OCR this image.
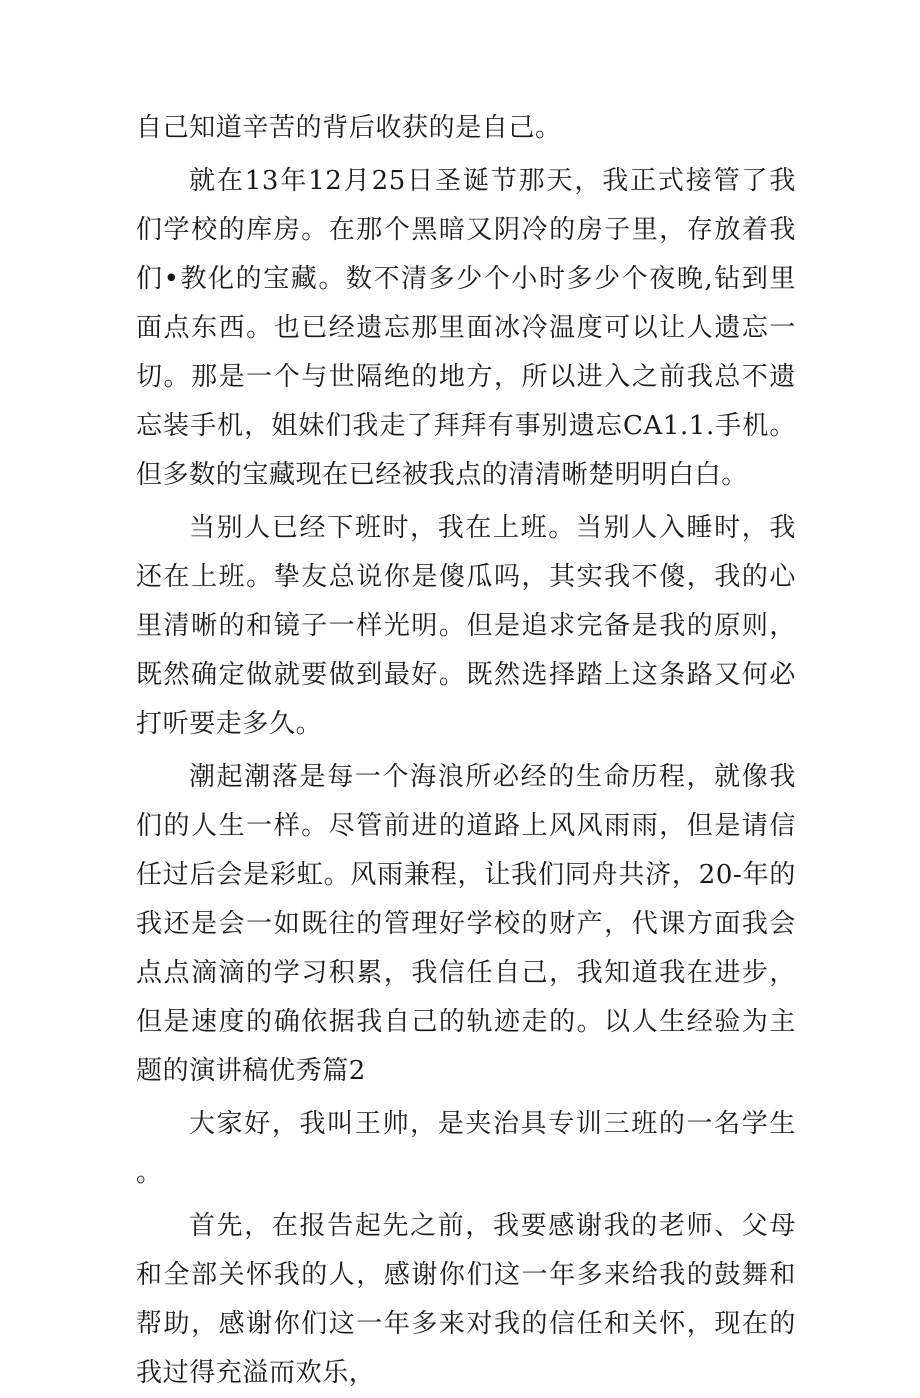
自己知道辛苦的背后收获的是自己。

就在13年12月25日圣诞节那天，我正式接管了我们学校的库房。在那个黑暗又阴冷的房子里，存放着我们•教化的宝藏。数不清多少个小时多少个夜晚,钻到里面点东西。也已经遗忘那里面冰冷温度可以让人遗忘一切。那是一个与世隔绝的地方，所以进入之前我总不遗忘装手机，姐妹们我走了拜拜有事别遗忘CA1.1.手机。但多数的宝藏现在已经被我点的清清晰楚明明白白。

当别人已经下班时，我在上班。当别人入睡时，我还在上班。挚友总说你是傻瓜吗，其实我不傻，我的心里清晰的和镜子一样光明。但是追求完备是我的原则，既然确定做就要做到最好。既然选择踏上这条路又何必打听要走多久。

潮起潮落是每一个海浪所必经的生命历程，就像我们的人生一样。尽管前进的道路上风风雨雨，但是请信任过后会是彩虹。风雨兼程，让我们同舟共济，20-年的我还是会一如既往的管理好学校的财产，代课方面我会点点滴滴的学习积累，我信任自己，我知道我在进步，但是速度的确依据我自己的轨迹走的。以人生经验为主题的演讲稿优秀篇2

大家好，我叫王帅，是夹治具专训三班的一名学生。

首先，在报告起先之前，我要感谢我的老师、父母和全部关怀我的人，感谢你们这一年多来给我的鼓舞和帮助，感谢你们这一年多来对我的信任和关怀，现在的我过得充溢而欢乐，
